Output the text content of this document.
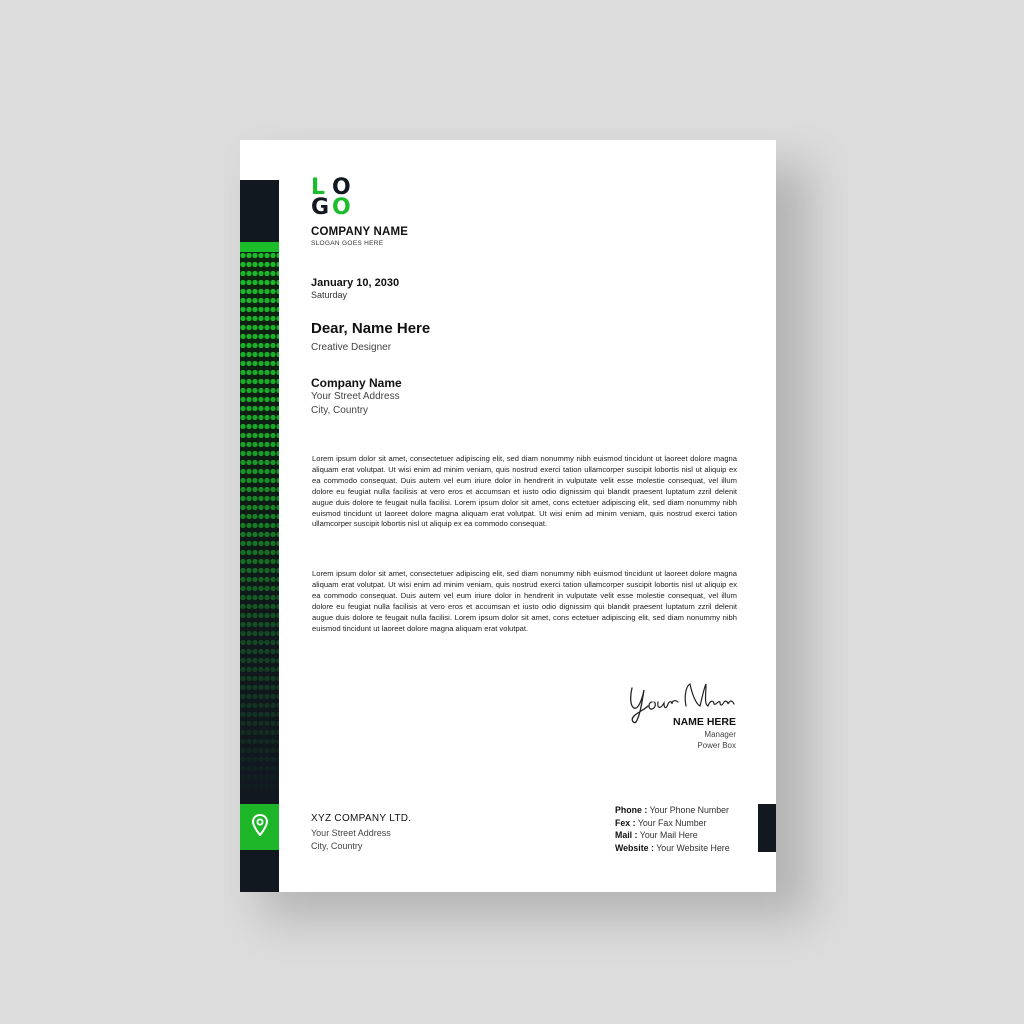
L O
G O
COMPANY NAME
SLOGAN GOES HERE
January 10, 2030
Saturday
Dear, Name Here
Creative Designer
Company Name
Your Street Address
City, Country
Lorem ipsum dolor sit amet, consectetuer adipiscing elit, sed diam nonummy nibh euismod tincidunt ut laoreet dolore magna aliquam erat volutpat. Ut wisi enim ad minim veniam, quis nostrud exerci tation ullamcorper suscipit lobortis nisl ut aliquip ex ea commodo consequat. Duis autem vel eum iriure dolor in hendrerit in vulputate velit esse molestie consequat, vel illum dolore eu feugiat nulla facilisis at vero eros et accumsan et iusto odio dignissim qui blandit praesent luptatum zzril delenit augue duis dolore te feugait nulla facilisi. Lorem ipsum dolor sit amet, cons ectetuer adipiscing elit, sed diam nonummy nibh euismod tincidunt ut laoreet dolore magna aliquam erat volutpat. Ut wisi enim ad minim veniam, quis nostrud exerci tation ullamcorper suscipit lobortis nisl ut aliquip ex ea commodo consequat.
Lorem ipsum dolor sit amet, consectetuer adipiscing elit, sed diam nonummy nibh euismod tincidunt ut laoreet dolore magna aliquam erat volutpat. Ut wisi enim ad minim veniam, quis nostrud exerci tation ullamcorper suscipit lobortis nisl ut aliquip ex ea commodo consequat. Duis autem vel eum iriure dolor in hendrerit in vulputate velit esse molestie consequat, vel illum dolore eu feugiat nulla facilisis at vero eros et accumsan et iusto odio dignissim qui blandit praesent luptatum zzril delenit augue duis dolore te feugait nulla facilisi. Lorem ipsum dolor sit amet, cons ectetuer adipiscing elit, sed diam nonummy nibh euismod tincidunt ut laoreet dolore magna aliquam erat volutpat.
NAME HERE
Manager
Power Box
XYZ COMPANY LTD.
Your Street Address
City, Country
Phone : Your Phone Number
Fex : Your Fax Number
Mail : Your Mail Here
Website : Your Website Here
